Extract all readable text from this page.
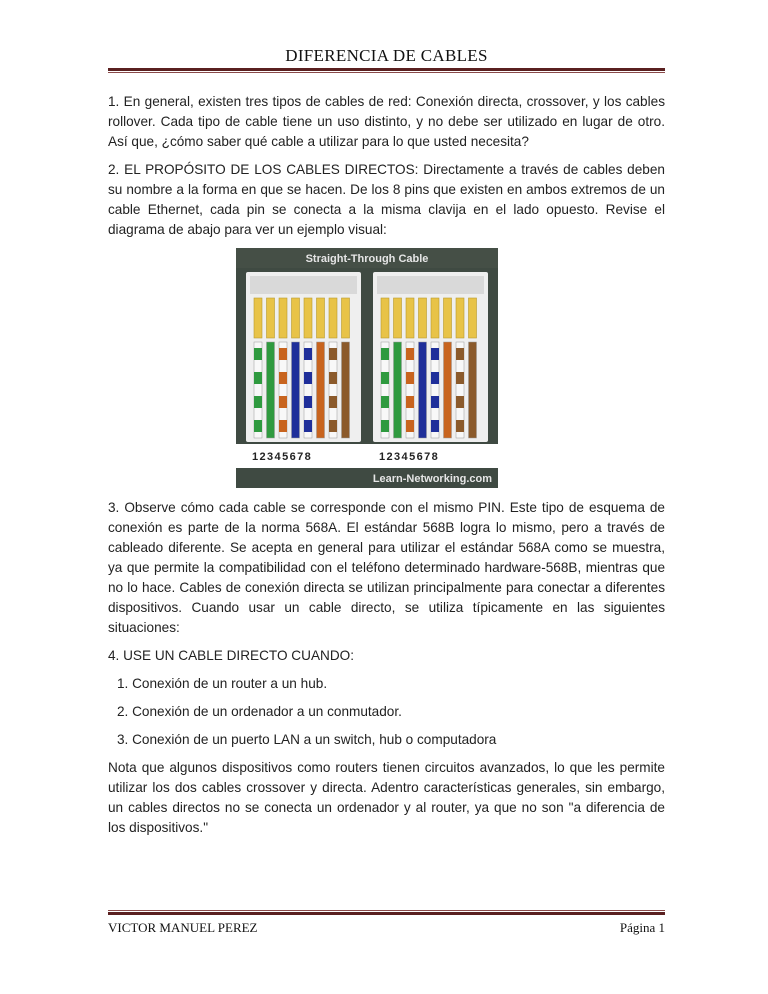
DIFERENCIA DE CABLES

1. En general, existen tres tipos de cables de red: Conexión directa, crossover, y los cables rollover. Cada tipo de cable tiene un uso distinto, y no debe ser utilizado en lugar de otro. Así que, ¿cómo saber qué cable a utilizar para lo que usted necesita?

2. EL PROPÓSITO DE LOS CABLES DIRECTOS: Directamente a través de cables deben su nombre a la forma en que se hacen. De los 8 pins que existen en ambos extremos de un cable Ethernet, cada pin se conecta a la misma clavija en el lado opuesto. Revise el diagrama de abajo para ver un ejemplo visual:

Straight-Through Cable
12345678	12345678
Learn-Networking.com

3. Observe cómo cada cable se corresponde con el mismo PIN. Este tipo de esquema de conexión es parte de la norma 568A. El estándar 568B logra lo mismo, pero a través de cableado diferente. Se acepta en general para utilizar el estándar 568A como se muestra, ya que permite la compatibilidad con el teléfono determinado hardware-568B, mientras que no lo hace. Cables de conexión directa se utilizan principalmente para conectar a diferentes dispositivos. Cuando usar un cable directo, se utiliza típicamente en las siguientes situaciones:

4. USE UN CABLE DIRECTO CUANDO:

1. Conexión de un router a un hub.

2. Conexión de un ordenador a un conmutador.

3. Conexión de un puerto LAN a un switch, hub o computadora

Nota que algunos dispositivos como routers tienen circuitos avanzados, lo que les permite utilizar los dos cables crossover y directa. Adentro características generales, sin embargo, un cables directos no se conecta un ordenador y al router, ya que no son "a diferencia de los dispositivos."

VICTOR MANUEL PEREZ	Página 1
